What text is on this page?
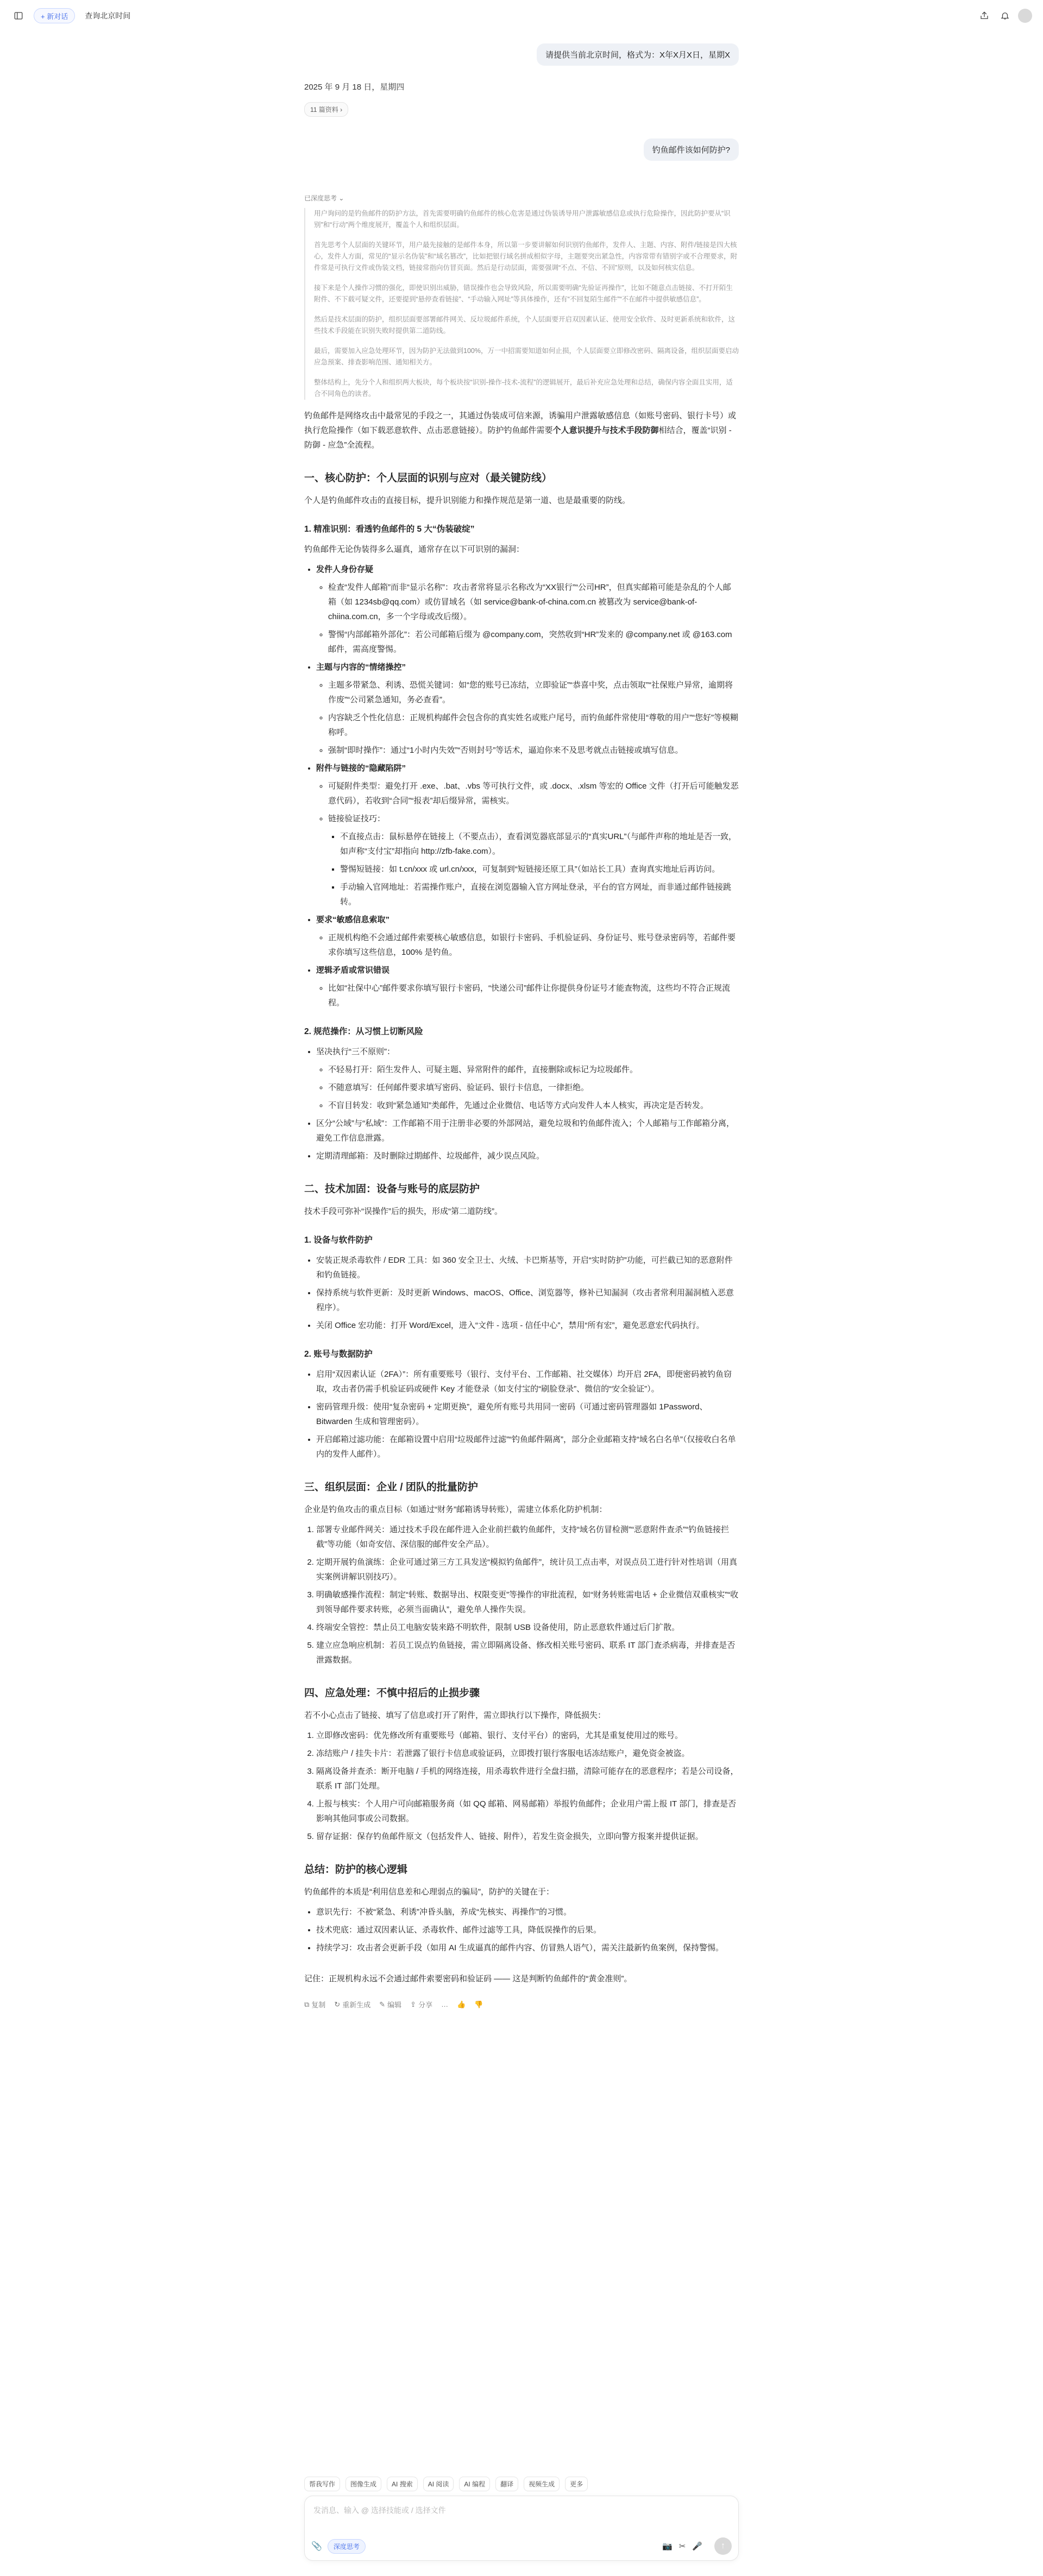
+ 新对话	查询北京时间
请提供当前北京时间，格式为：X年X月X日，星期X
2025 年 9 月 18 日，星期四
11 篇资料 ›
钓鱼邮件该如何防护?
已深度思考 ⌄

用户询问的是钓鱼邮件的防护方法，首先需要明确钓鱼邮件的核心危害是通过伪装诱导用户泄露敏感信息或执行危险操作，因此防护要从“识别”和“行动”两个维度展开，覆盖个人和组织层面。

首先思考个人层面的关键环节，用户最先接触的是邮件本身，所以第一步要讲解如何识别钓鱼邮件，发件人、主题、内容、附件/链接是四大核心，发件人方面，常见的“显示名伪装”和“域名篡改”，比如把银行域名拼成相似字母，主题要突出紧急性，内容常带有错别字或不合理要求，附件常是可执行文件或伪装文档，链接常指向仿冒页面。然后是行动层面，需要强调“不点、不信、不回”原则，以及如何核实信息。

接下来是个人操作习惯的强化，即使识别出威胁，错误操作也会导致风险，所以需要明确“先验证再操作”，比如不随意点击链接、不打开陌生附件、不下载可疑文件，还要提到“悬停查看链接”、“手动输入网址”等具体操作，还有“不回复陌生邮件”“不在邮件中提供敏感信息”。

然后是技术层面的防护，组织层面要部署邮件网关、反垃圾邮件系统，个人层面要开启双因素认证、使用安全软件、及时更新系统和软件，这些技术手段能在识别失败时提供第二道防线。

最后，需要加入应急处理环节，因为防护无法做到100%，万一中招需要知道如何止损，个人层面要立即修改密码、隔离设备，组织层面要启动应急预案、排查影响范围、通知相关方。

整体结构上，先分个人和组织两大板块，每个板块按“识别-操作-技术-流程”的逻辑展开，最后补充应急处理和总结，确保内容全面且实用，适合不同角色的读者。

钓鱼邮件是网络攻击中最常见的手段之一，其通过伪装成可信来源，诱骗用户泄露敏感信息（如账号密码、银行卡号）或执行危险操作（如下载恶意软件、点击恶意链接）。防护钓鱼邮件需要个人意识提升与技术手段防御相结合，覆盖“识别 - 防御 - 应急”全流程。

一、核心防护：个人层面的识别与应对（最关键防线）

个人是钓鱼邮件攻击的直接目标，提升识别能力和操作规范是第一道、也是最重要的防线。

1. 精准识别：看透钓鱼邮件的 5 大“伪装破绽”

钓鱼邮件无论伪装得多么逼真，通常存在以下可识别的漏洞：

• 发件人身份存疑
◦ 检查“发件人邮箱”而非“显示名称”：攻击者常将显示名称改为“XX银行”“公司HR”，但真实邮箱可能是杂乱的个人邮箱（如 1234sb@qq.com）或仿冒域名（如 service@bank-of-china.com.cn 被篡改为 service@bank-of-chiina.com.cn，多一个字母或改后缀）。
◦ 警惕“内部邮箱外部化”：若公司邮箱后缀为 @company.com，突然收到“HR”发来的 @company.net 或 @163.com 邮件，需高度警惕。
• 主题与内容的“情绪操控”
◦ 主题多带紧急、利诱、恐慌关键词：如“您的账号已冻结，立即验证”“恭喜中奖，点击领取”“社保账户异常，逾期将作废”“公司紧急通知，务必查看”。
◦ 内容缺乏个性化信息：正规机构邮件会包含你的真实姓名或账户尾号，而钓鱼邮件常使用“尊敬的用户”“您好”等模糊称呼。
◦ 强制“即时操作”：通过“1小时内失效”“否则封号”等话术，逼迫你来不及思考就点击链接或填写信息。
• 附件与链接的“隐藏陷阱”
◦ 可疑附件类型：避免打开 .exe、.bat、.vbs 等可执行文件，或 .docx、.xlsm 等宏的 Office 文件（打开后可能触发恶意代码），若收到“合同”“报表”却后缀异常，需核实。
◦ 链接验证技巧：
▪ 不直接点击：鼠标悬停在链接上（不要点击），查看浏览器底部显示的“真实URL”（与邮件声称的地址是否一致，如声称“支付宝”却指向 http://zfb-fake.com）。
▪ 警惕短链接：如 t.cn/xxx 或 url.cn/xxx，可复制到“短链接还原工具”（如站长工具）查询真实地址后再访问。
▪ 手动输入官网地址：若需操作账户，直接在浏览器输入官方网址登录，平台的官方网址，而非通过邮件链接跳转。
• 要求“敏感信息索取”
◦ 正规机构绝不会通过邮件索要核心敏感信息，如银行卡密码、手机验证码、身份证号、账号登录密码等，若邮件要求你填写这些信息，100% 是钓鱼。
• 逻辑矛盾或常识错误
◦ 比如“社保中心”邮件要求你填写银行卡密码，“快递公司”邮件让你提供身份证号才能查物流，这些均不符合正规流程。
2. 规范操作：从习惯上切断风险
• 坚决执行“三不原则”：
◦ 不轻易打开：陌生发件人、可疑主题、异常附件的邮件，直接删除或标记为垃圾邮件。
◦ 不随意填写：任何邮件要求填写密码、验证码、银行卡信息，一律拒绝。
◦ 不盲目转发：收到“紧急通知”类邮件，先通过企业微信、电话等方式向发件人本人核实，再决定是否转发。
• 区分“公域”与“私域”：工作邮箱不用于注册非必要的外部网站，避免垃圾和钓鱼邮件流入；个人邮箱与工作邮箱分离，避免工作信息泄露。
• 定期清理邮箱：及时删除过期邮件、垃圾邮件，减少误点风险。
二、技术加固：设备与账号的底层防护

技术手段可弥补“误操作”后的损失，形成“第二道防线”。

1. 设备与软件防护
• 安装正规杀毒软件 / EDR 工具：如 360 安全卫士、火绒、卡巴斯基等，开启“实时防护”功能，可拦截已知的恶意附件和钓鱼链接。
• 保持系统与软件更新：及时更新 Windows、macOS、Office、浏览器等，修补已知漏洞（攻击者常利用漏洞植入恶意程序）。
• 关闭 Office 宏功能：打开 Word/Excel，进入“文件 - 选项 - 信任中心”，禁用“所有宏”，避免恶意宏代码执行。
2. 账号与数据防护
• 启用“双因素认证（2FA）”：所有重要账号（银行、支付平台、工作邮箱、社交媒体）均开启 2FA，即便密码被钓鱼窃取，攻击者仍需手机验证码或硬件 Key 才能登录（如支付宝的“刷脸登录”、微信的“安全验证”）。
• 密码管理升级：使用“复杂密码 + 定期更换”，避免所有账号共用同一密码（可通过密码管理器如 1Password、Bitwarden 生成和管理密码）。
• 开启邮箱过滤功能：在邮箱设置中启用“垃圾邮件过滤”“钓鱼邮件隔离”，部分企业邮箱支持“域名白名单”（仅接收白名单内的发件人邮件）。
三、组织层面：企业 / 团队的批量防护

企业是钓鱼攻击的重点目标（如通过“财务”邮箱诱导转账），需建立体系化防护机制：

1. 部署专业邮件网关：通过技术手段在邮件进入企业前拦截钓鱼邮件，支持“域名仿冒检测”“恶意附件查杀”“钓鱼链接拦截”等功能（如奇安信、深信服的邮件安全产品）。
2. 定期开展钓鱼演练：企业可通过第三方工具发送“模拟钓鱼邮件”，统计员工点击率，对误点员工进行针对性培训（用真实案例讲解识别技巧）。
3. 明确敏感操作流程：制定“转账、数据导出、权限变更”等操作的审批流程，如“财务转账需电话 + 企业微信双重核实”“收到领导邮件要求转账，必须当面确认”，避免单人操作失误。
4. 终端安全管控：禁止员工电脑安装来路不明软件，限制 USB 设备使用，防止恶意软件通过后门扩散。
5. 建立应急响应机制：若员工误点钓鱼链接，需立即隔离设备、修改相关账号密码、联系 IT 部门查杀病毒，并排查是否泄露数据。
四、应急处理：不慎中招后的止损步骤

若不小心点击了链接、填写了信息或打开了附件，需立即执行以下操作，降低损失：

1. 立即修改密码：优先修改所有重要账号（邮箱、银行、支付平台）的密码，尤其是重复使用过的账号。
2. 冻结账户 / 挂失卡片：若泄露了银行卡信息或验证码，立即拨打银行客服电话冻结账户，避免资金被盗。
3. 隔离设备并查杀：断开电脑 / 手机的网络连接，用杀毒软件进行全盘扫描，清除可能存在的恶意程序；若是公司设备，联系 IT 部门处理。
4. 上报与核实：个人用户可向邮箱服务商（如 QQ 邮箱、网易邮箱）举报钓鱼邮件；企业用户需上报 IT 部门，排查是否影响其他同事或公司数据。
5. 留存证据：保存钓鱼邮件原文（包括发件人、链接、附件），若发生资金损失，立即向警方报案并提供证据。
总结：防护的核心逻辑

钓鱼邮件的本质是“利用信息差和心理弱点的骗局”，防护的关键在于：

• 意识先行：不被“紧急、利诱”冲昏头脑，养成“先核实、再操作”的习惯。
• 技术兜底：通过双因素认证、杀毒软件、邮件过滤等工具，降低误操作的后果。
• 持续学习：攻击者会更新手段（如用 AI 生成逼真的邮件内容、仿冒熟人语气），需关注最新钓鱼案例，保持警惕。

记住：正规机构永远不会通过邮件索要密码和验证码 —— 这是判断钓鱼邮件的“黄金准则”。

⧉ 复制 ↻ 重新生成 ✎ 编辑 ⇪ 分享 … 👍 👎
帮我写作	图像生成	AI 搜索	AI 阅读	AI 编程	翻译	视频生成	更多
发消息、输入 @ 选择技能或 / 选择文件
📎	深度思考	📷 ✂ 🎤	↑
